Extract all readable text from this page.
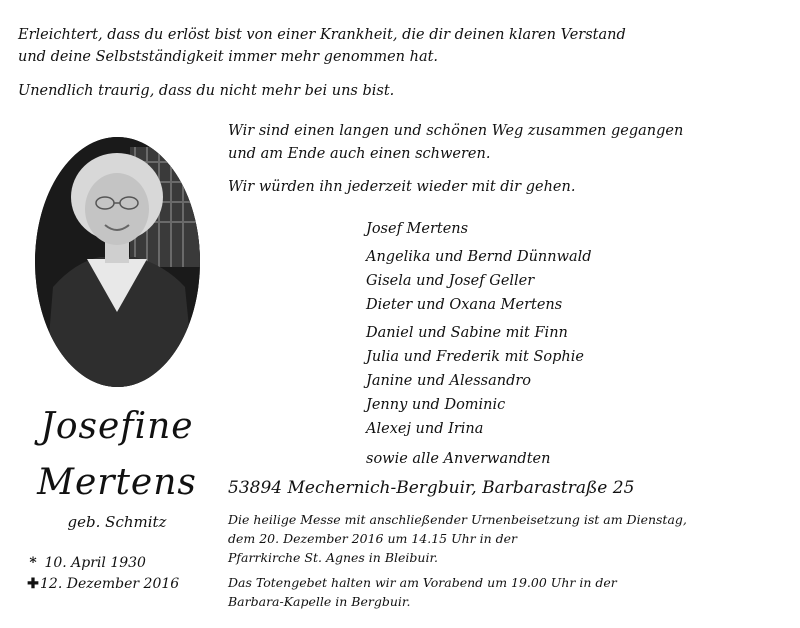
Erleichtert, dass du erlöst bist von einer Krankheit, die dir deinen klaren Verstand

und deine Selbstständigkeit immer mehr genommen hat.

Unendlich traurig, dass du nicht mehr bei uns bist.

Josefine
Mertens
geb. Schmitz
* 10. April 1930
✚12. Dezember 2016

Wir sind einen langen und schönen Weg zusammen gegangen

und am Ende auch einen schweren.

Wir würden ihn jederzeit wieder mit dir gehen.

Josef Mertens
Angelika und Bernd Dünnwald
Gisela und Josef Geller
Dieter und Oxana Mertens
Daniel und Sabine mit Finn
Julia und Frederik mit Sophie
Janine und Alessandro
Jenny und Dominic
Alexej und Irina
sowie alle Anverwandten
53894 Mechernich-Bergbuir, Barbarastraße 25

Die heilige Messe mit anschließender Urnenbeisetzung ist am Dienstag,

dem 20. Dezember 2016 um 14.15 Uhr in der

Pfarrkirche St. Agnes in Bleibuir.

Das Totengebet halten wir am Vorabend um 19.00 Uhr in der

Barbara-Kapelle in Bergbuir.
